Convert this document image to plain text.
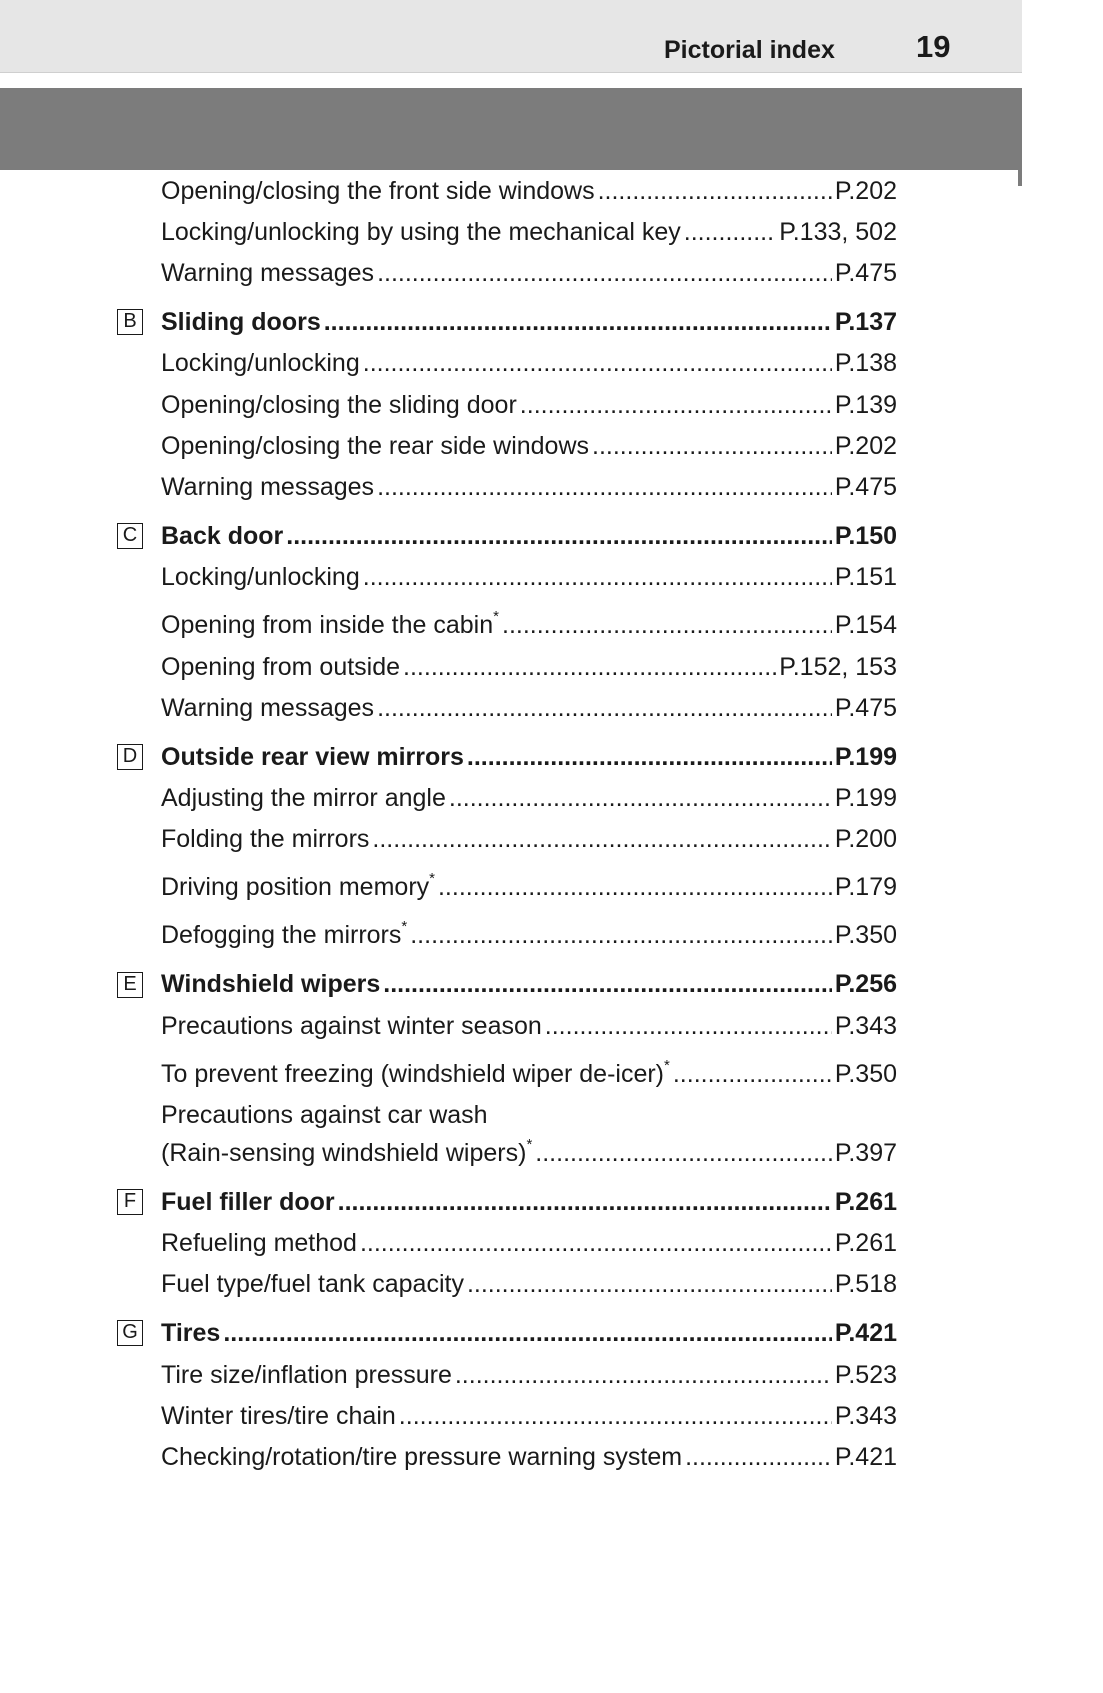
Pictorial index	19
Opening/closing the front side windows .....	P.202
Locking/unlocking by using the mechanical key .....	P.133, 502
Warning messages .....	P.475
B Sliding doors .....	P.137
Locking/unlocking .....	P.138
Opening/closing the sliding door .....	P.139
Opening/closing the rear side windows .....	P.202
Warning messages .....	P.475
C Back door .....	P.150
Locking/unlocking .....	P.151
Opening from inside the cabin* .....	P.154
Opening from outside .....	P.152, 153
Warning messages .....	P.475
D Outside rear view mirrors .....	P.199
Adjusting the mirror angle .....	P.199
Folding the mirrors .....	P.200
Driving position memory* .....	P.179
Defogging the mirrors* .....	P.350
E Windshield wipers .....	P.256
Precautions against winter season .....	P.343
To prevent freezing (windshield wiper de-icer)* .....	P.350
Precautions against car wash
(Rain-sensing windshield wipers)* .....	P.397
F Fuel filler door .....	P.261
Refueling method .....	P.261
Fuel type/fuel tank capacity .....	P.518
G Tires .....	P.421
Tire size/inflation pressure .....	P.523
Winter tires/tire chain .....	P.343
Checking/rotation/tire pressure warning system .....	P.421
